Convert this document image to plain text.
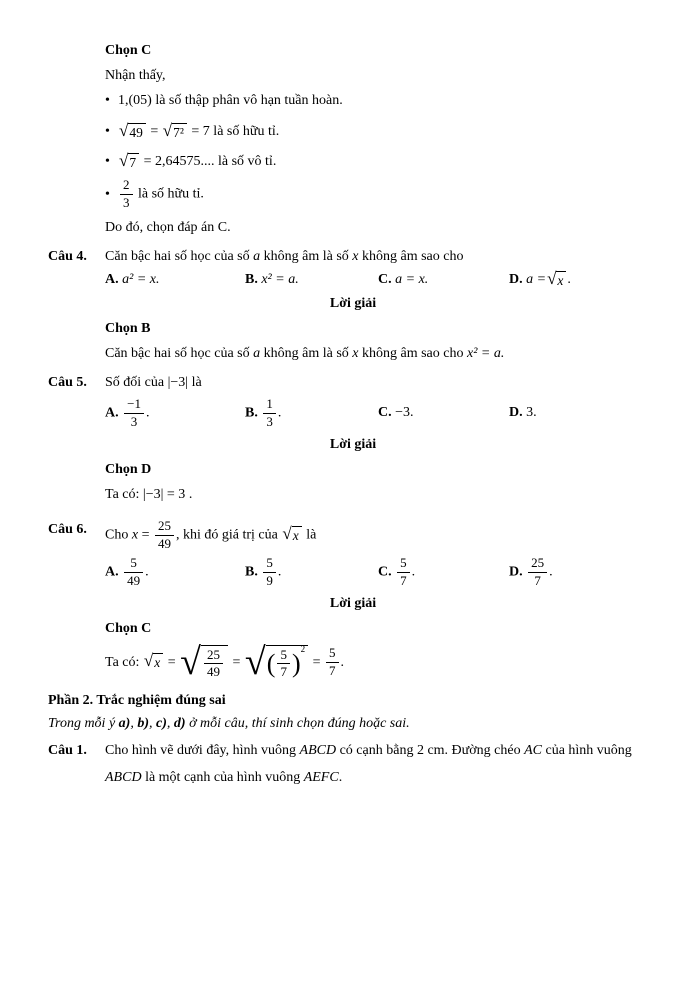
Chọn C
Nhận thấy,
• 1,(05) là số thập phân vô hạn tuần hoàn.
• √ 49 = √ 7² = 7 là số hữu tỉ.
• √ 7 = 2,64575.... là số vô tỉ.
• $\frac{2}{3}$ là số hữu tỉ.
Do đó, chọn đáp án C.
Câu 4.	Căn bậc hai số học của số a không âm là số x không âm sao cho
A. a² = x.	B. x² = a.	C. a = x.	D. a = √ x .
Lời giải
Chọn B
Căn bậc hai số học của số a không âm là số x không âm sao cho x² = a.
Câu 5.	Số đối của |−3| là
A. $\frac{-1}{3}$ .	B. $\frac{1}{3}$ .	C. −3.	D. 3.
Lời giải
Chọn D
Ta có: |−3| = 3 .
Câu 6.	Cho $x = \frac{25}{49}$ , khi đó giá trị của √ x là
A. $\frac{5}{49}$ .	B. $\frac{5}{9}$ .	C. $\frac{5}{7}$ .	D. $\frac{25}{7}$ .
Lời giải
Chọn C
Ta có: √ x = √ $\frac{25}{49}$ = √ ( $\frac{5}{7}$ )
2
= $\frac{5}{7}$ .
Phần 2. Trắc nghiệm đúng sai
Trong mỗi ý a), b), c), d) ở mỗi câu, thí sinh chọn đúng hoặc sai.
Câu 1.	Cho hình vẽ dưới đây, hình vuông ABCD có cạnh bằng 2 cm. Đường chéo AC của hình vuông
ABCD là một cạnh của hình vuông AEFC.
